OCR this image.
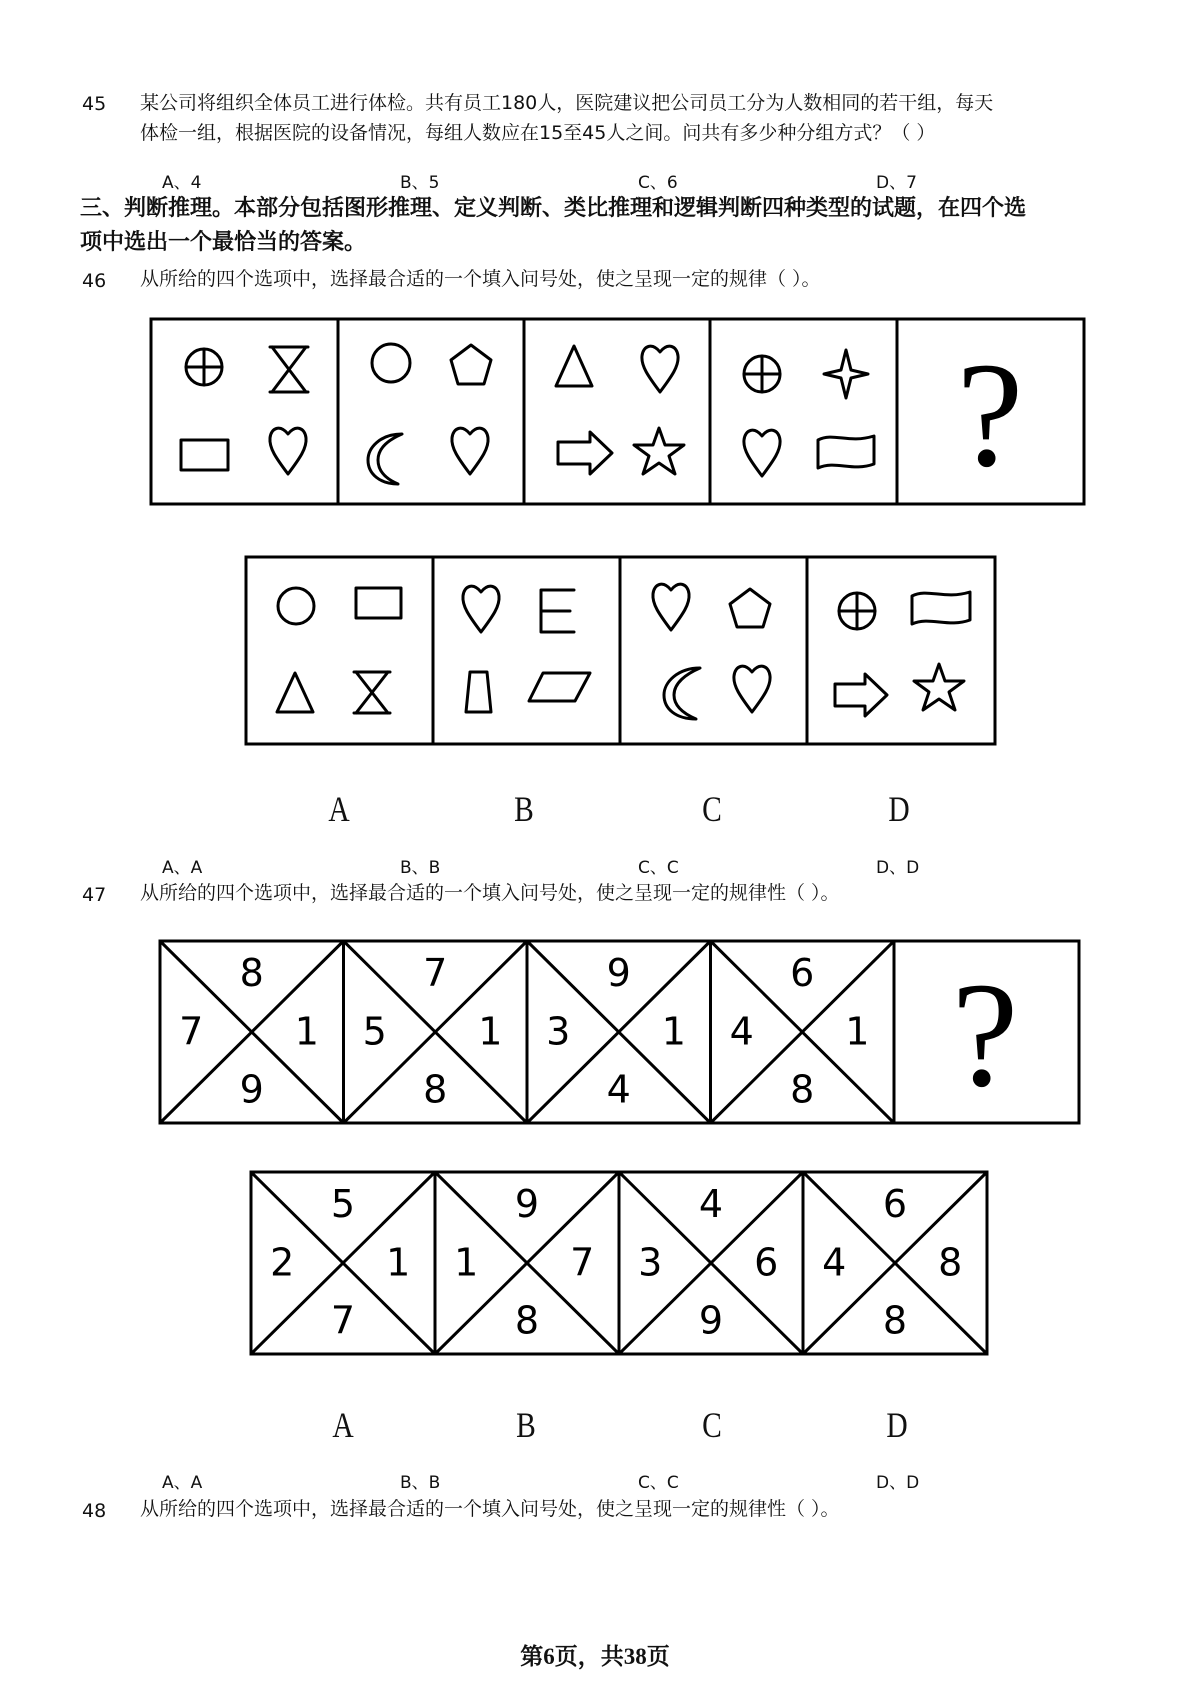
45 某公司将组织全体员工进行体检。共有员工180人，医院建议把公司员工分为人数相同的若干组，每天
体检一组，根据医院的设备情况，每组人数应在15至45人之间。问共有多少种分组方式？（ ）
A、4	B、5	C、6	D、7
三、判断推理。本部分包括图形推理、定义判断、类比推理和逻辑判断四种类型的试题，在四个选
项中选出一个最恰当的答案。
46 从所给的四个选项中，选择最合适的一个填入问号处，使之呈现一定的规律（ ）。
?
A	B	C	D
A、A	B、B	C、C	D、D
47 从所给的四个选项中，选择最合适的一个填入问号处，使之呈现一定的规律性（ ）。
?
8
9
7 1
7
8
5 1
9
4
3 1
6
8
4 1
5
7
2 1
9
8
1 7
4
9
3 6
6
8
4 8
A	B	C	D
A、A	B、B	C、C	D、D
48 从所给的四个选项中，选择最合适的一个填入问号处，使之呈现一定的规律性（ ）。
第6页，共38页
